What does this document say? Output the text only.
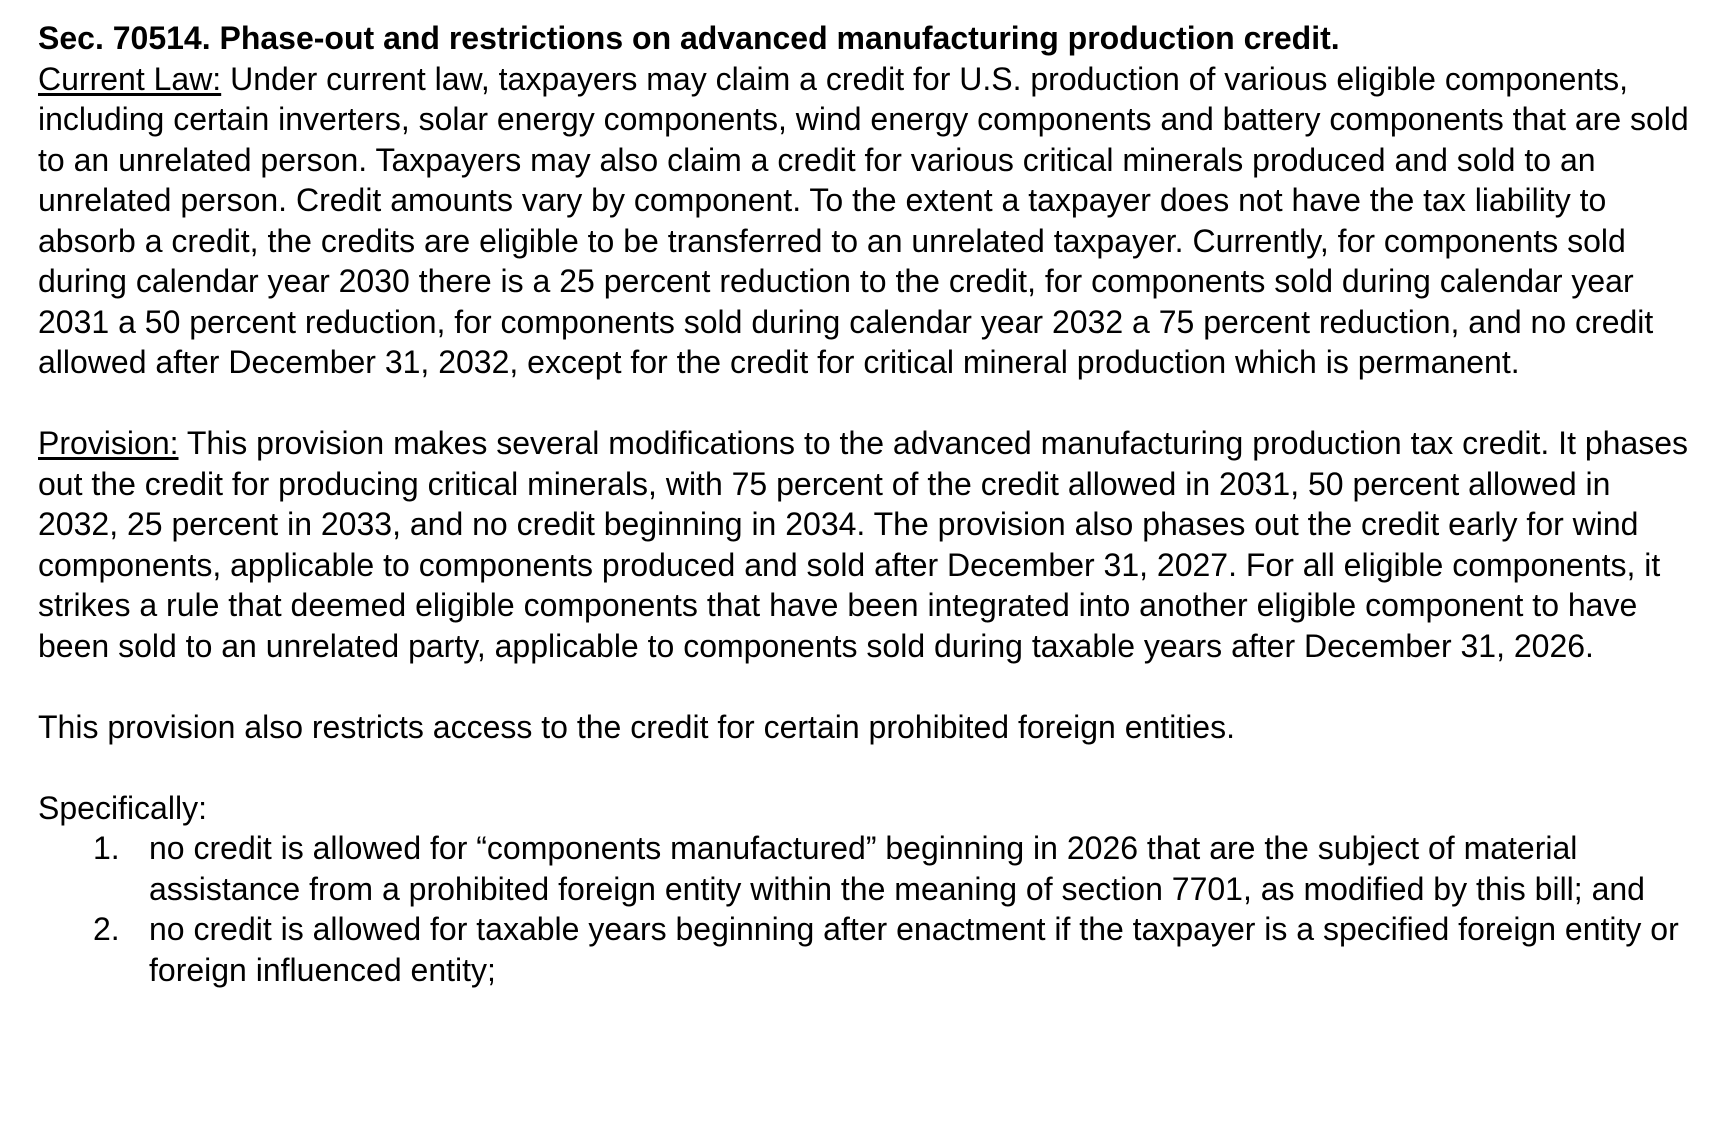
Sec. 70514. Phase-out and restrictions on advanced manufacturing production credit.

Current Law: Under current law, taxpayers may claim a credit for U.S. production of various eligible components, including certain inverters, solar energy components, wind energy components and battery components that are sold to an unrelated person. Taxpayers may also claim a credit for various critical minerals produced and sold to an unrelated person. Credit amounts vary by component. To the extent a taxpayer does not have the tax liability to absorb a credit, the credits are eligible to be transferred to an unrelated taxpayer. Currently, for components sold during calendar year 2030 there is a 25 percent reduction to the credit, for components sold during calendar year 2031 a 50 percent reduction, for components sold during calendar year 2032 a 75 percent reduction, and no credit allowed after December 31, 2032, except for the credit for critical mineral production which is permanent.

Provision: This provision makes several modifications to the advanced manufacturing production tax credit. It phases out the credit for producing critical minerals, with 75 percent of the credit allowed in 2031, 50 percent allowed in 2032, 25 percent in 2033, and no credit beginning in 2034. The provision also phases out the credit early for wind components, applicable to components produced and sold after December 31, 2027. For all eligible components, it strikes a rule that deemed eligible components that have been integrated into another eligible component to have been sold to an unrelated party, applicable to components sold during taxable years after December 31, 2026.

This provision also restricts access to the credit for certain prohibited foreign entities.

Specifically:

1. no credit is allowed for “components manufactured” beginning in 2026 that are the subject of material assistance from a prohibited foreign entity within the meaning of section 7701, as modified by this bill; and
2. no credit is allowed for taxable years beginning after enactment if the taxpayer is a specified foreign entity or foreign influenced entity;
